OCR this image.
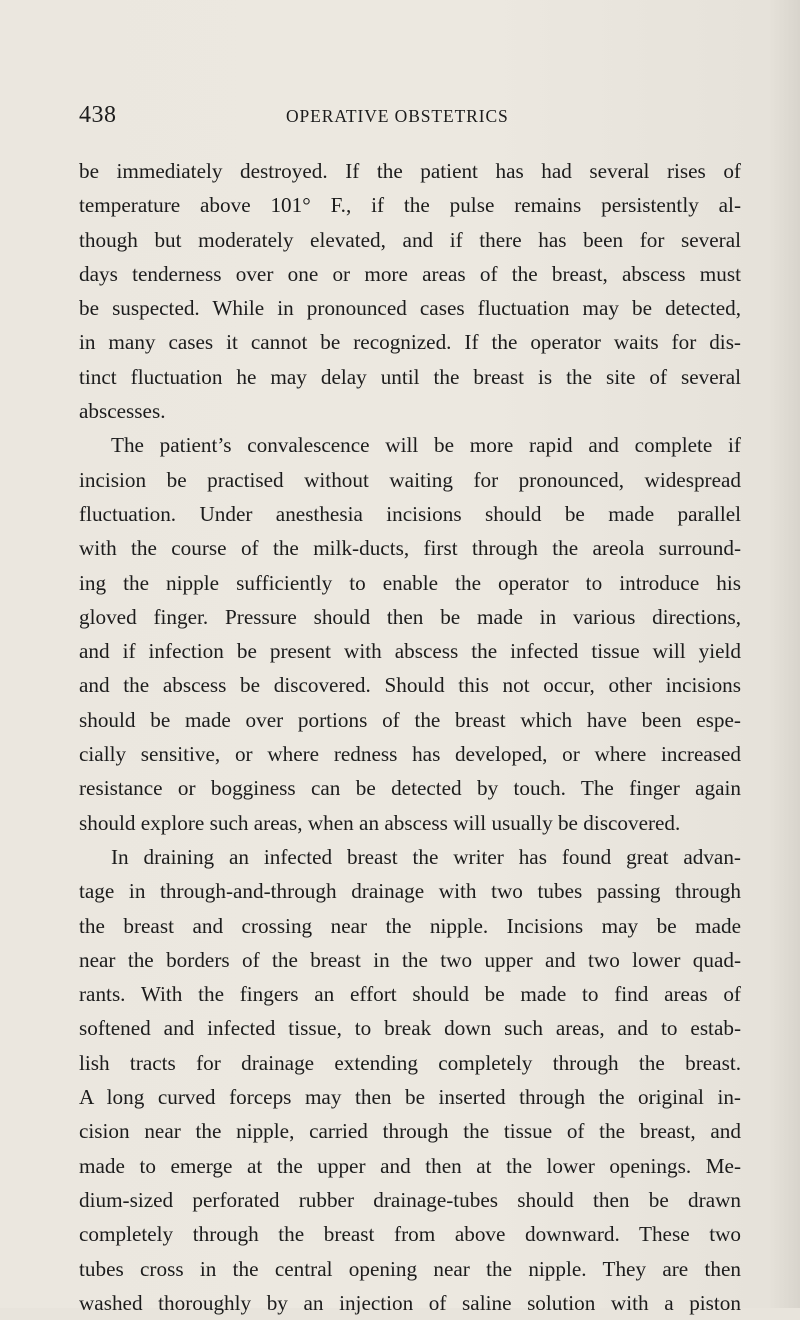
438	OPERATIVE OBSTETRICS
be immediately destroyed. If the patient has had several rises of
temperature above 101° F., if the pulse remains persistently al-
though but moderately elevated, and if there has been for several
days tenderness over one or more areas of the breast, abscess must
be suspected. While in pronounced cases fluctuation may be detected,
in many cases it cannot be recognized. If the operator waits for dis-
tinct fluctuation he may delay until the breast is the site of several
abscesses.
The patient’s convalescence will be more rapid and complete if
incision be practised without waiting for pronounced, widespread
fluctuation. Under anesthesia incisions should be made parallel
with the course of the milk-ducts, first through the areola surround-
ing the nipple sufficiently to enable the operator to introduce his
gloved finger. Pressure should then be made in various directions,
and if infection be present with abscess the infected tissue will yield
and the abscess be discovered. Should this not occur, other incisions
should be made over portions of the breast which have been espe-
cially sensitive, or where redness has developed, or where increased
resistance or bogginess can be detected by touch. The finger again
should explore such areas, when an abscess will usually be discovered.
In draining an infected breast the writer has found great advan-
tage in through-and-through drainage with two tubes passing through
the breast and crossing near the nipple. Incisions may be made
near the borders of the breast in the two upper and two lower quad-
rants. With the fingers an effort should be made to find areas of
softened and infected tissue, to break down such areas, and to estab-
lish tracts for drainage extending completely through the breast.
A long curved forceps may then be inserted through the original in-
cision near the nipple, carried through the tissue of the breast, and
made to emerge at the upper and then at the lower openings. Me-
dium-sized perforated rubber drainage-tubes should then be drawn
completely through the breast from above downward. These two
tubes cross in the central opening near the nipple. They are then
washed thoroughly by an injection of saline solution with a piston
